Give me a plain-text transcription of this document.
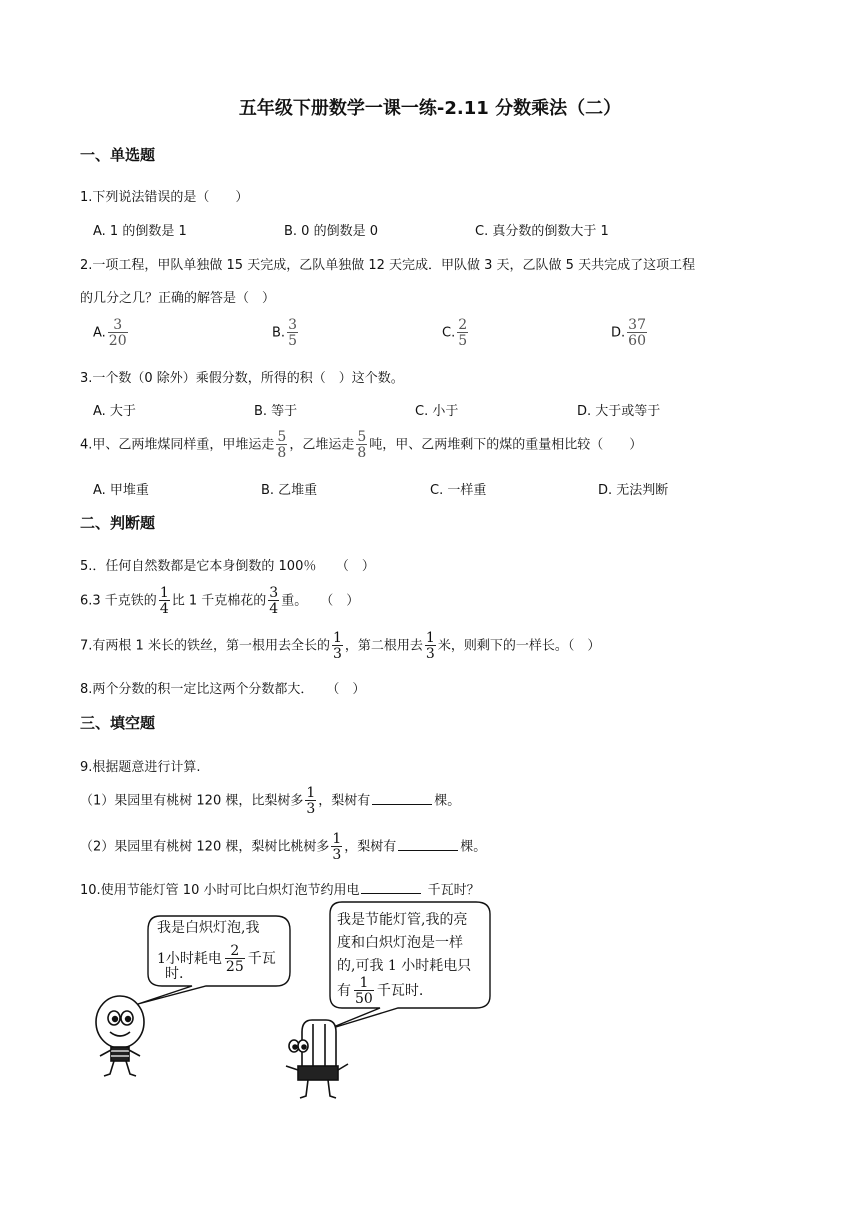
五年级下册数学一课一练-2.11 分数乘法（二）
一、单选题
1.下列说法错误的是（　　）
A. 1 的倒数是 1	B. 0 的倒数是 0	C. 真分数的倒数大于 1
2.一项工程，甲队单独做 15 天完成，乙队单独做 12 天完成．甲队做 3 天，乙队做 5 天共完成了这项工程
的几分之几？正确的解答是（　）
A. $\frac{3}{20}$	B. $\frac{3}{5}$	C. $\frac{2}{5}$	D. $\frac{37}{60}$
3.一个数（0 除外）乘假分数，所得的积（　）这个数。
A. 大于	B. 等于	C. 小于	D. 大于或等于
4.甲、乙两堆煤同样重，甲堆运走 $\frac{5}{8}$ ，乙堆运走 $\frac{5}{8}$ 吨，甲、乙两堆剩下的煤的重量相比较（　　）
A. 甲堆重	B. 乙堆重	C. 一样重	D. 无法判断
二、判断题
5.．任何自然数都是它本身倒数的 100％　　（　）
6.3 千克铁的 $\frac{1}{4}$ 比 1 千克棉花的 $\frac{3}{4}$ 重。　　（　）
7.有两根 1 米长的铁丝，第一根用去全长的 $\frac{1}{3}$ ，第二根用去 $\frac{1}{3}$ 米，则剩下的一样长。（　）
8.两个分数的积一定比这两个分数都大．　　（　）
三、填空题
9.根据题意进行计算.
（1）果园里有桃树 120 棵，比梨树多 $\frac{1}{3}$ ，梨树有	棵。
（2）果园里有桃树 120 棵，梨树比桃树多 $\frac{1}{3}$ ，梨树有	棵。
10.使用节能灯管 10 小时可比白炽灯泡节约用电	千瓦时？
我是白炽灯泡,我
1小时耗电 $\frac{2}{25}$ 千瓦
时.
我是节能灯管,我的亮
度和白炽灯泡是一样
的,可我 1 小时耗电只
有 $\frac{1}{50}$ 千瓦时.
